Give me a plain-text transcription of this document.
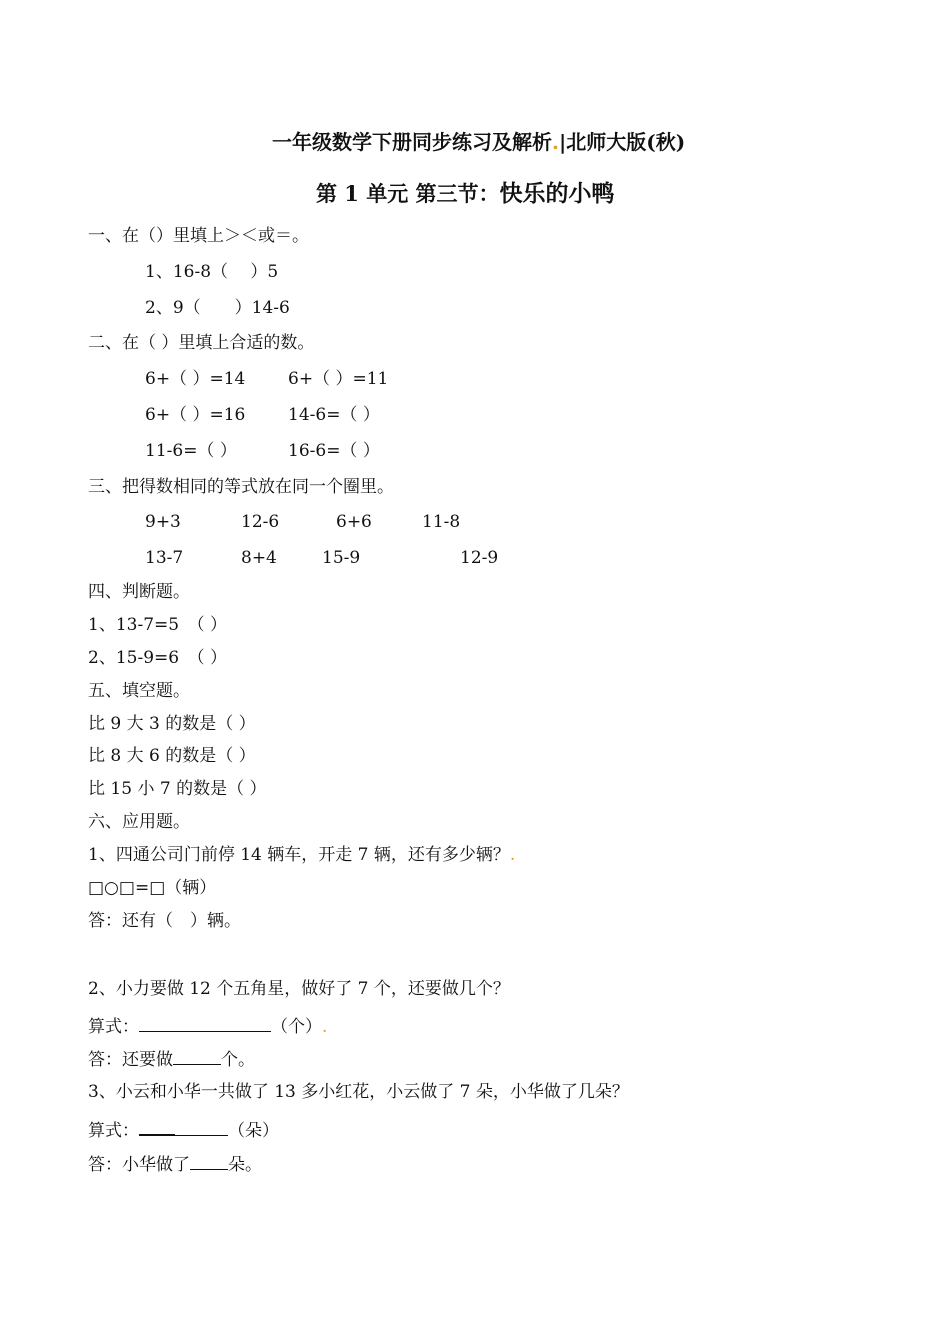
一年级数学下册同步练习及解析.|北师大版(秋)
第 1 单元 第三节：快乐的小鸭
一、在（）里填上＞＜或＝。
1、16-8（　 ）5
2、9（　　）14-6
二、在（ ）里填上合适的数。
6+（ ）=14	6+（ ）=11
6+（ ）=16	14-6=（ ）
11-6=（ ）	16-6=（ ）
三、把得数相同的等式放在同一个圈里。
9+3	12-6	6+6	11-8
13-7	8+4	15-9	12-9
四、判断题。
1、13-7=5　（ ）
2、15-9=6　（ ）
五、填空题。
比 9 大 3 的数是（ ）
比 8 大 6 的数是（ ）
比 15 小 7 的数是（ ）
六、应用题。
1、四通公司门前停 14 辆车，开走 7 辆，还有多少辆？.
□○□=□（辆）
答：还有（　）辆。
2、小力要做 12 个五角星，做好了 7 个，还要做几个？
算式：	（个）.
答：还要做	个。
3、小云和小华一共做了 13 多小红花，小云做了 7 朵，小华做了几朵？
算式：	（朵）
答：小华做了 朵。
